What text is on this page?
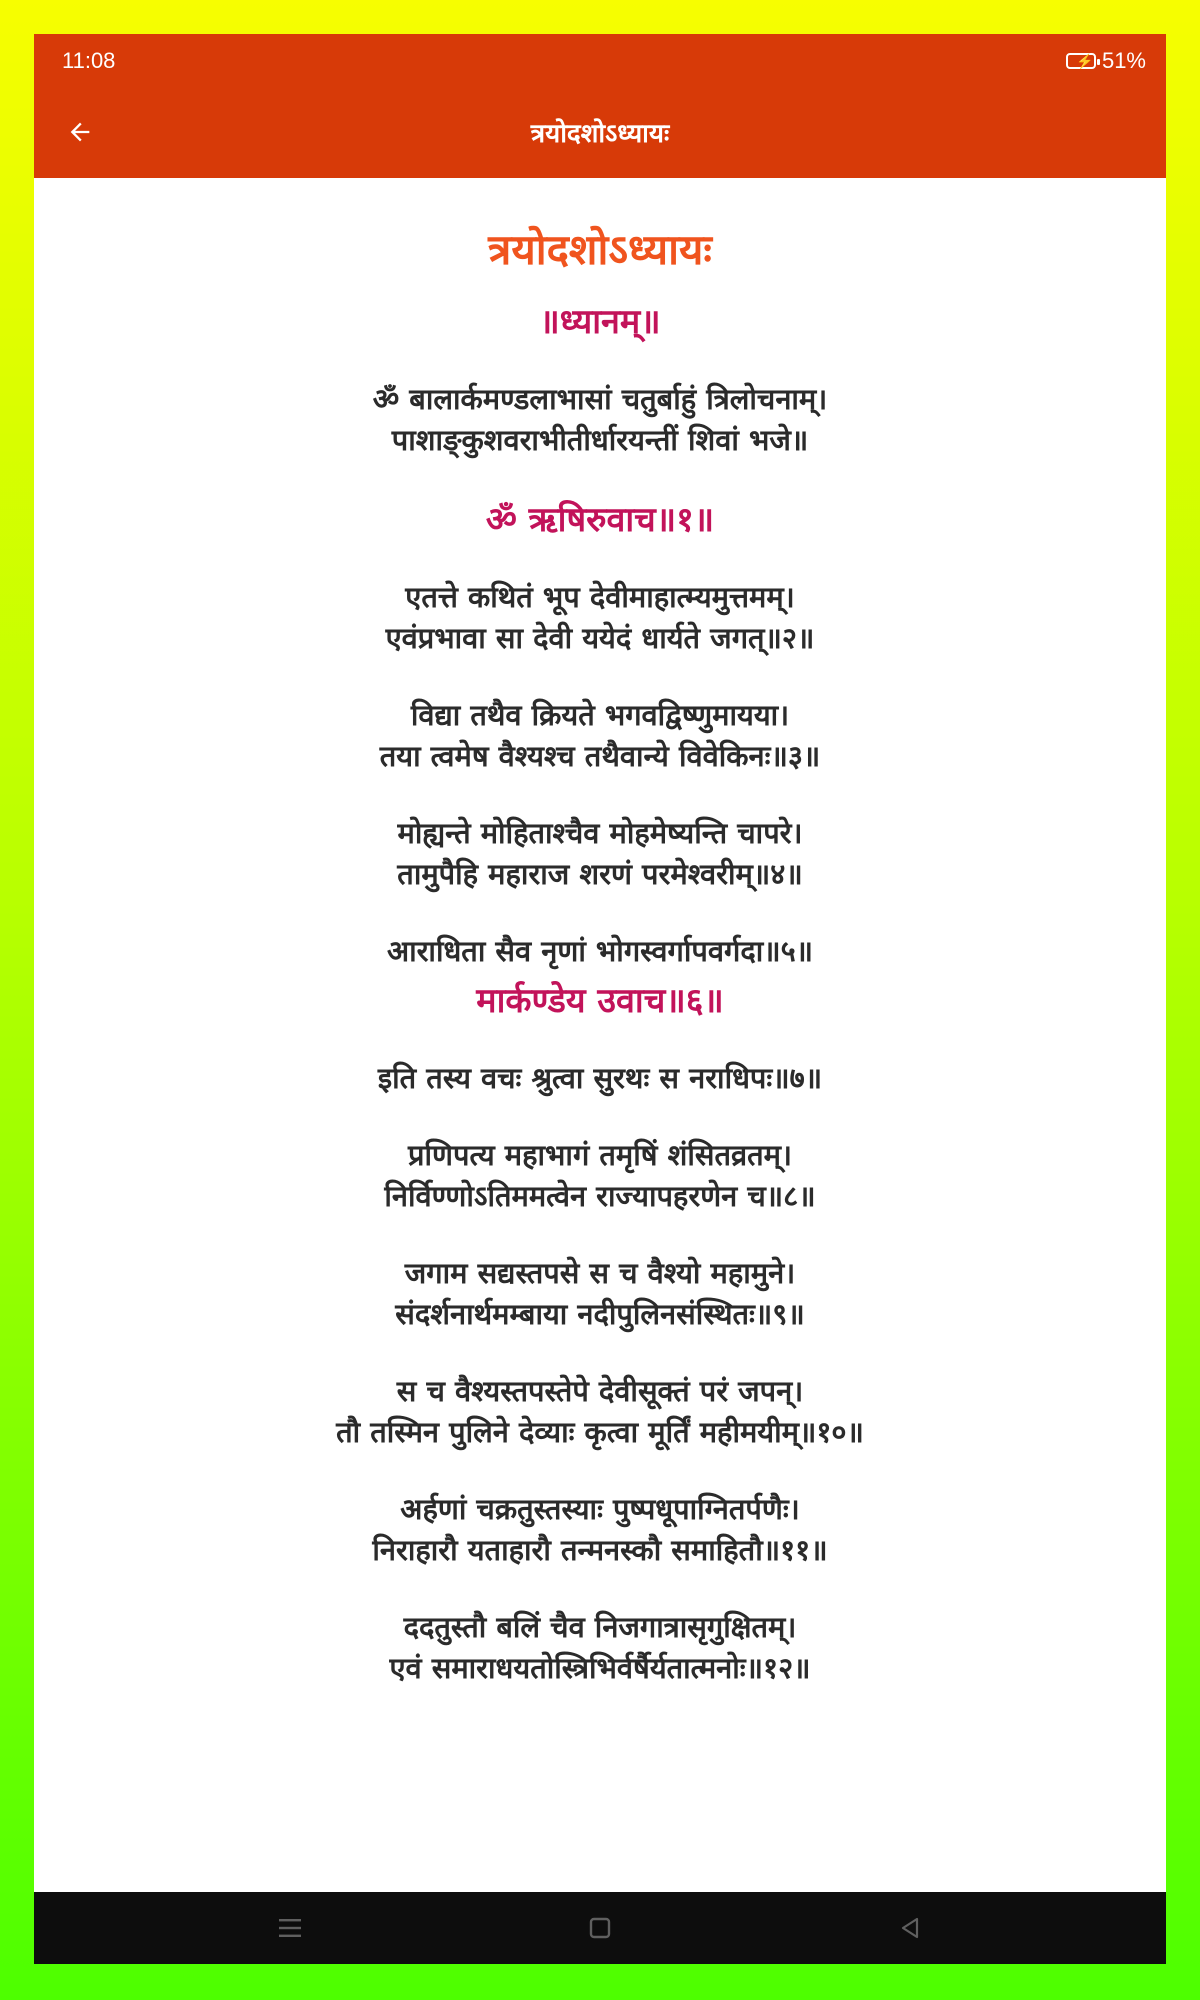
11:08	⚡ 51%
त्रयोदशोऽध्यायः
त्रयोदशोऽध्यायः
॥ध्यानम्॥
ॐ बालार्कमण्डलाभासां चतुर्बाहुं त्रिलोचनाम्।
पाशाङ्‌कुशवराभीतीर्धारयन्तीं शिवां भजे॥
ॐ ऋषिरुवाच॥१॥
एतत्ते कथितं भूप देवीमाहात्म्यमुत्तमम्।
एवंप्रभावा सा देवी ययेदं धार्यते जगत्॥२॥
विद्या तथैव क्रियते भगवद्विष्णुमायया।
तया त्वमेष वैश्यश्च तथैवान्ये विवेकिनः॥३॥
मोह्यन्ते मोहिताश्चैव मोहमेष्यन्ति चापरे।
तामुपैहि महाराज शरणं परमेश्वरीम्॥४॥
आराधिता सैव नृणां भोगस्वर्गापवर्गदा॥५॥
मार्कण्डेय उवाच॥६॥
इति तस्य वचः श्रुत्वा सुरथः स नराधिपः॥७॥
प्रणिपत्य महाभागं तमृषिं शंसितव्रतम्।
निर्विण्णोऽतिममत्वेन राज्यापहरणेन च॥८॥
जगाम सद्यस्तपसे स च वैश्यो महामुने।
संदर्शनार्थमम्बाया नदीपुलिनसंस्थितः॥९॥
स च वैश्यस्तपस्तेपे देवीसूक्तं परं जपन्।
तौ तस्मिन पुलिने देव्याः कृत्वा मूर्तिं महीमयीम्॥१०॥
अर्हणां चक्रतुस्तस्याः पुष्पधूपाग्नितर्पणैः।
निराहारौ यताहारौ तन्मनस्कौ समाहितौ॥११॥
ददतुस्तौ बलिं चैव निजगात्रासृगुक्षितम्।
एवं समाराधयतोस्त्रिभिर्वर्षैर्यतात्मनोः॥१२॥
